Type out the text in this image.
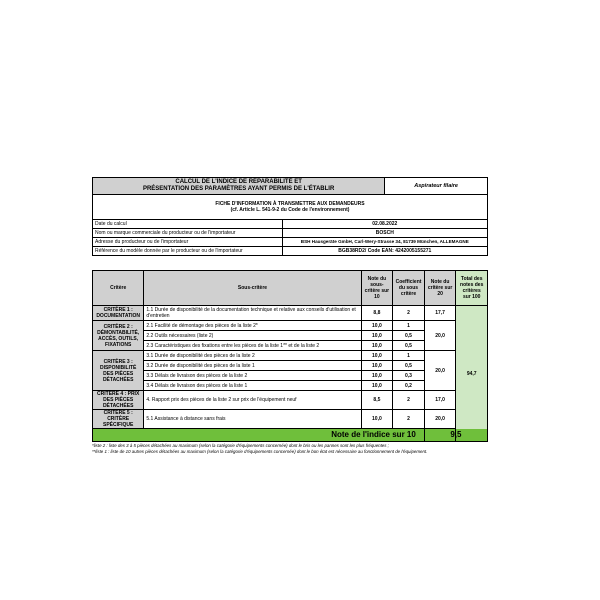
CALCUL DE L'INDICE DE RÉPARABILITÉ ET
PRÉSENTATION DES PARAMÈTRES AYANT PERMIS DE L'ÉTABLIR	Aspirateur filaire

FICHE D'INFORMATION À TRANSMETTRE AUX DEMANDEURS
(cf. Article L. 541-9-2 du Code de l'environnement)
Date du calcul	02.08.2022
Nom ou marque commerciale du producteur ou de l'importateur	BOSCH
Adresse du producteur ou de l'importateur	BSH Hausgeräte GmbH, Carl-Wery-Strasse 34, 81739 München, ALLEMAGNE
Référence du modèle donnée par le producteur ou de l'importateur	BGB38RD2/ Code EAN: 4242005155271
Critère	Sous-critère	Note du sous-critère sur 10	Coefficient du sous critère	Note du critère sur 20	Total des notes des critères sur 100
CRITÈRE 1 : DOCUMENTATION	1.1 Durée de disponibilité de la documentation technique et relative aux conseils d'utilisation et d'entretien	8,8	2	17,7	94,7
CRITÈRE 2 : DÉMONTABILITÉ, ACCÈS, OUTILS, FIXATIONS	2.1 Facilité de démontage des pièces de la liste 2*	10,0	1	20,0	
	2.2 Outils nécessaires (liste 2)	10,0	0,5		
	2.3 Caractéristiques des fixations entre les pièces de la liste 1** et de la liste 2	10,0	0,5		
CRITÈRE 3 : DISPONIBILITÉ DES PIÈCES DÉTACHÉES	3.1 Durée de disponibilité des pièces de la liste 2	10,0	1	20,0	
	3.2 Durée de disponibilité des pièces de la liste 1	10,0	0,5		
	3.3 Délais de livraison des pièces de la liste 2	10,0	0,3		
	3.4 Délais de livraison des pièces de la liste 1	10,0	0,2		
CRITÈRE 4 : PRIX DES PIÈCES DÉTACHÉES	4. Rapport prix des pièces de la liste 2 sur prix de l'équipement neuf	8,5	2	17,0	
CRITÈRE 5 : CRITÈRE SPÉCIFIQUE	5.1 Assistance à distance sans frais	10,0	2	20,0	
Note de l'indice sur 10				9,5	
*liste 2 : liste des 3 à 5 pièces détachées au maximum (selon la catégorie d'équipements concernée) dont le bris ou les pannes sont les plus fréquentes ;
**liste 1 : liste de 10 autres pièces détachées au maximum (selon la catégorie d'équipements concernée) dont le bon état est nécessaire au fonctionnement de l'équipement.
